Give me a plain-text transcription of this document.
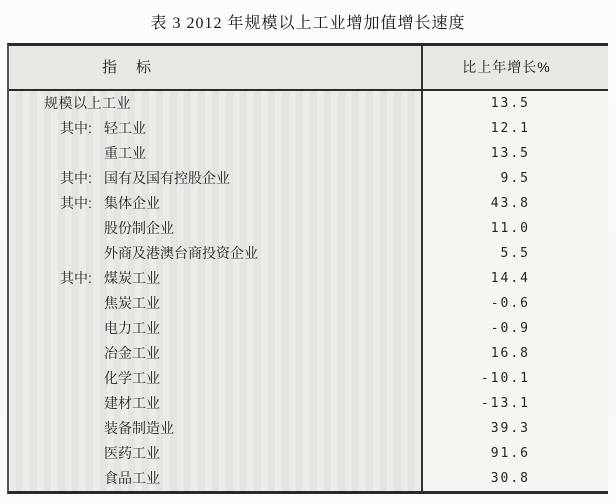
表 3 2012 年规模以上工业增加值增长速度
指　标	比上年增长%
规模以上工业	13.5
其中: 轻工业	12.1
重工业	13.5
其中: 国有及国有控股企业	9.5
其中: 集体企业	43.8
股份制企业	11.0
外商及港澳台商投资企业	5.5
其中: 煤炭工业	14.4
焦炭工业	-0.6
电力工业	-0.9
冶金工业	16.8
化学工业	-10.1
建材工业	-13.1
装备制造业	39.3
医药工业	91.6
食品工业	30.8
